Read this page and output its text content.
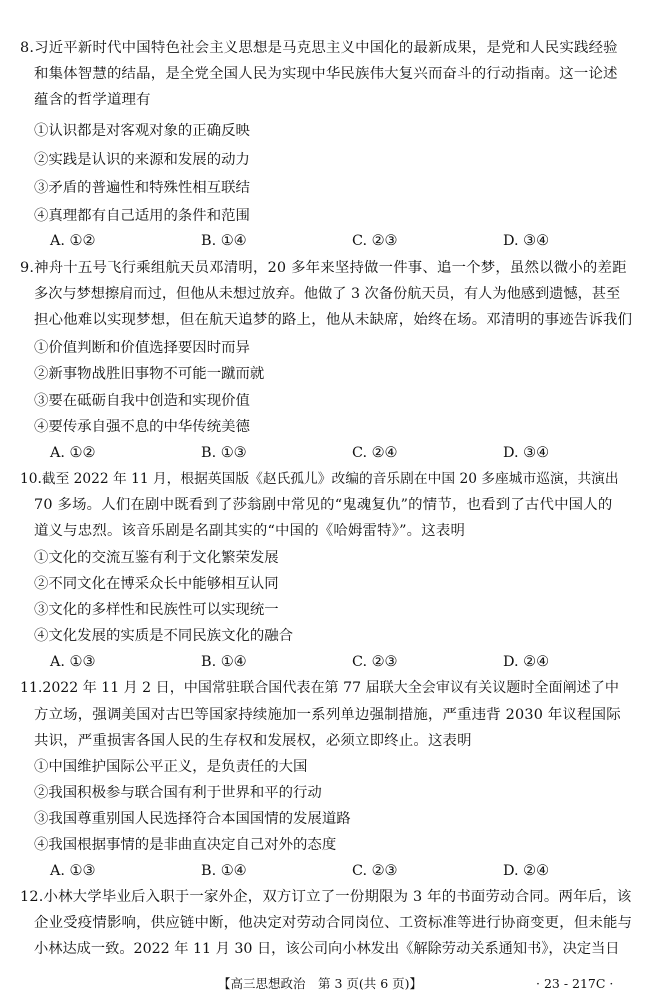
8.习近平新时代中国特色社会主义思想是马克思主义中国化的最新成果，是党和人民实践经验
和集体智慧的结晶，是全党全国人民为实现中华民族伟大复兴而奋斗的行动指南。这一论述
蕴含的哲学道理有
①认识都是对客观对象的正确反映
②实践是认识的来源和发展的动力
③矛盾的普遍性和特殊性相互联结
④真理都有自己适用的条件和范围
A. ①②	B. ①④	C. ②③	D. ③④
9.神舟十五号飞行乘组航天员邓清明，20 多年来坚持做一件事、追一个梦，虽然以微小的差距
多次与梦想擦肩而过，但他从未想过放弃。他做了 3 次备份航天员，有人为他感到遗憾，甚至
担心他难以实现梦想，但在航天追梦的路上，他从未缺席，始终在场。邓清明的事迹告诉我们
①价值判断和价值选择要因时而异
②新事物战胜旧事物不可能一蹴而就
③要在砥砺自我中创造和实现价值
④要传承自强不息的中华传统美德
A. ①②	B. ①③	C. ②④	D. ③④
10.截至 2022 年 11 月，根据英国版《赵氏孤儿》改编的音乐剧在中国 20 多座城市巡演，共演出
70 多场。人们在剧中既看到了莎翁剧中常见的“鬼魂复仇”的情节，也看到了古代中国人的
道义与忠烈。该音乐剧是名副其实的“中国的《哈姆雷特》”。这表明
①文化的交流互鉴有利于文化繁荣发展
②不同文化在博采众长中能够相互认同
③文化的多样性和民族性可以实现统一
④文化发展的实质是不同民族文化的融合
A. ①③	B. ①④	C. ②③	D. ②④
11.2022 年 11 月 2 日，中国常驻联合国代表在第 77 届联大全会审议有关议题时全面阐述了中
方立场，强调美国对古巴等国家持续施加一系列单边强制措施，严重违背 2030 年议程国际
共识，严重损害各国人民的生存权和发展权，必须立即终止。这表明
①中国维护国际公平正义，是负责任的大国
②我国积极参与联合国有利于世界和平的行动
③我国尊重别国人民选择符合本国国情的发展道路
④我国根据事情的是非曲直决定自己对外的态度
A. ①③	B. ①④	C. ②③	D. ②④
12.小林大学毕业后入职于一家外企，双方订立了一份期限为 3 年的书面劳动合同。两年后，该
企业受疫情影响，供应链中断，他决定对劳动合同岗位、工资标准等进行协商变更，但未能与
小林达成一致。2022 年 11 月 30 日，该公司向小林发出《解除劳动关系通知书》，决定当日
【高三思想政治　第 3 页(共 6 页)】	· 23 - 217C ·
